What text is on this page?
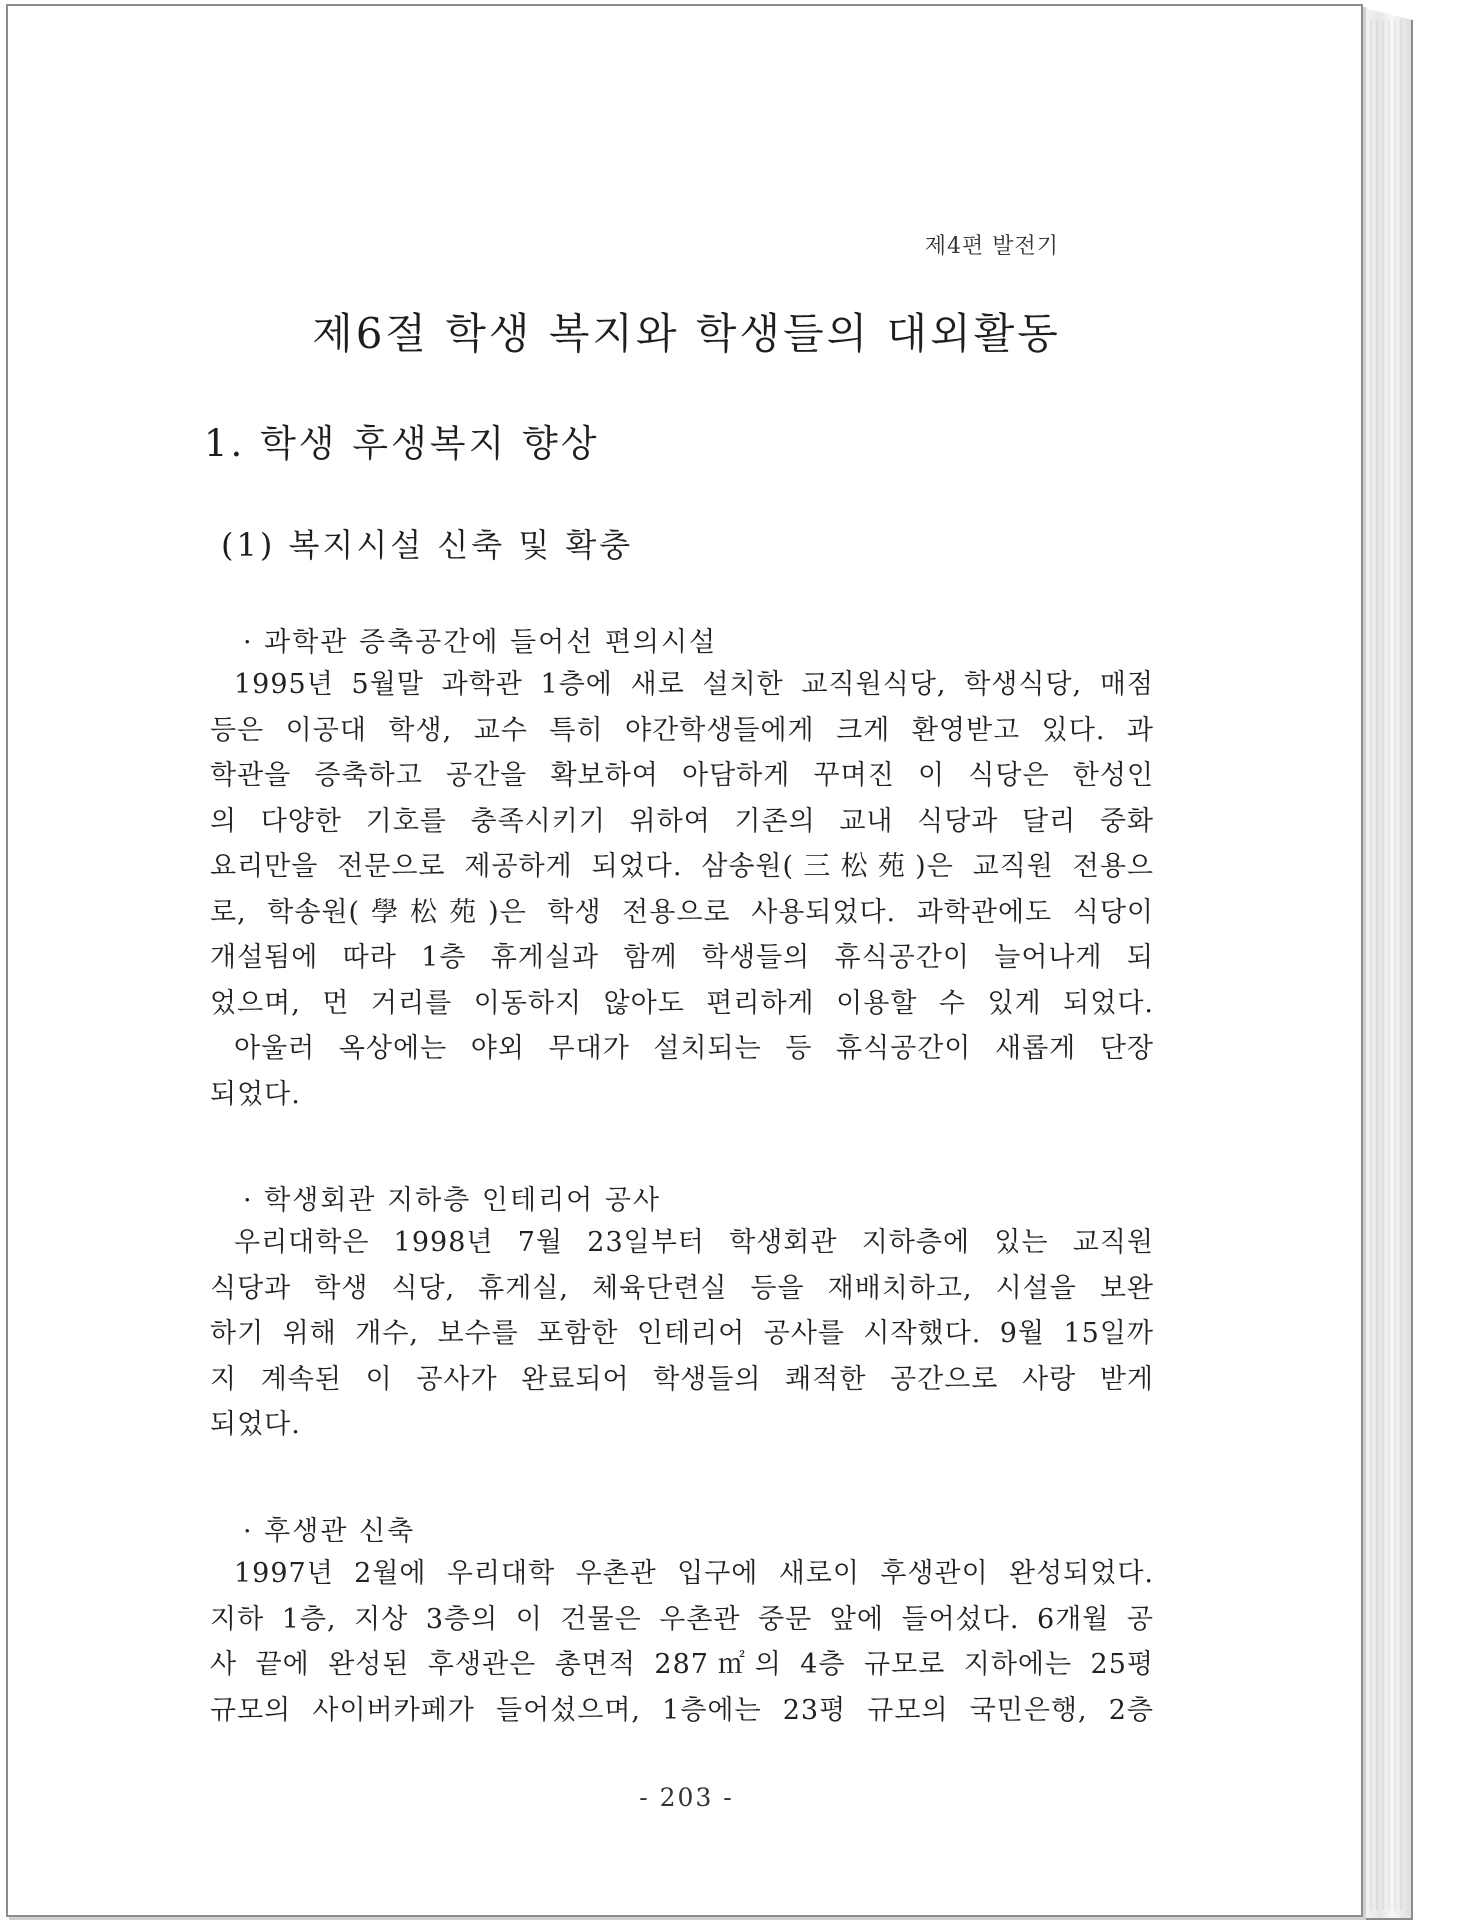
제4편 발전기
제6절 학생 복지와 학생들의 대외활동
1. 학생 후생복지 향상
(1) 복지시설 신축 및 확충
· 과학관 증축공간에 들어선 편의시설
1995년 5월말 과학관 1층에 새로 설치한 교직원식당, 학생식당, 매점
등은 이공대 학생, 교수 특히 야간학생들에게 크게 환영받고 있다. 과
학관을 증축하고 공간을 확보하여 아담하게 꾸며진 이 식당은 한성인
의 다양한 기호를 충족시키기 위하여 기존의 교내 식당과 달리 중화
요리만을 전문으로 제공하게 되었다. 삼송원(三松苑)은 교직원 전용으
로, 학송원(學松苑)은 학생 전용으로 사용되었다. 과학관에도 식당이
개설됨에 따라 1층 휴게실과 함께 학생들의 휴식공간이 늘어나게 되
었으며, 먼 거리를 이동하지 않아도 편리하게 이용할 수 있게 되었다.
아울러 옥상에는 야외 무대가 설치되는 등 휴식공간이 새롭게 단장
되었다.
· 학생회관 지하층 인테리어 공사
우리대학은 1998년 7월 23일부터 학생회관 지하층에 있는 교직원
식당과 학생 식당, 휴게실, 체육단련실 등을 재배치하고, 시설을 보완
하기 위해 개수, 보수를 포함한 인테리어 공사를 시작했다. 9월 15일까
지 계속된 이 공사가 완료되어 학생들의 쾌적한 공간으로 사랑 받게
되었다.
· 후생관 신축
1997년 2월에 우리대학 우촌관 입구에 새로이 후생관이 완성되었다.
지하 1층, 지상 3층의 이 건물은 우촌관 중문 앞에 들어섰다. 6개월 공
사 끝에 완성된 후생관은 총면적 287㎡의 4층 규모로 지하에는 25평
규모의 사이버카페가 들어섰으며, 1층에는 23평 규모의 국민은행, 2층
- 203 -
